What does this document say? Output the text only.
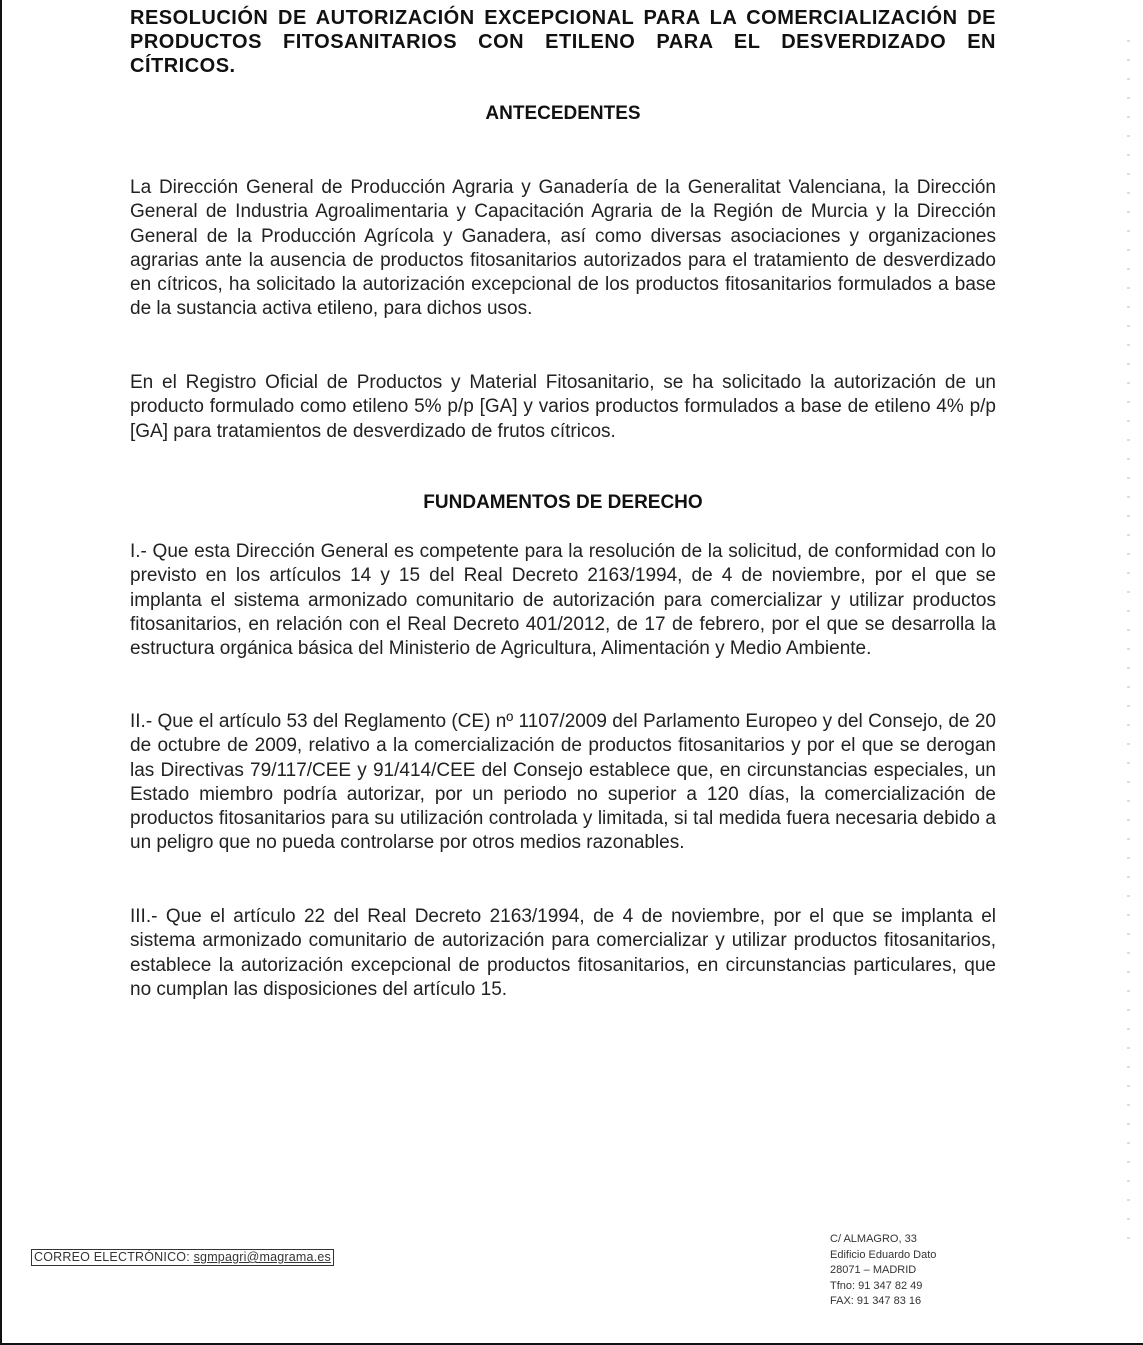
RESOLUCIÓN DE AUTORIZACIÓN EXCEPCIONAL PARA LA COMERCIALIZACIÓN DE PRODUCTOS FITOSANITARIOS CON ETILENO PARA EL DESVERDIZADO EN CÍTRICOS.
ANTECEDENTES

La Dirección General de Producción Agraria y Ganadería de la Generalitat Valenciana, la Dirección General de Industria Agroalimentaria y Capacitación Agraria de la Región de Murcia y la Dirección General de la Producción Agrícola y Ganadera, así como diversas asociaciones y organizaciones agrarias ante la ausencia de productos fitosanitarios autorizados para el tratamiento de desverdizado en cítricos, ha solicitado la autorización excepcional de los productos fitosanitarios formulados a base de la sustancia activa etileno, para dichos usos.

En el Registro Oficial de Productos y Material Fitosanitario, se ha solicitado la autorización de un producto formulado como etileno 5% p/p [GA] y varios productos formulados a base de etileno 4% p/p [GA] para tratamientos de desverdizado de frutos cítricos.

FUNDAMENTOS DE DERECHO

I.- Que esta Dirección General es competente para la resolución de la solicitud, de conformidad con lo previsto en los artículos 14 y 15 del Real Decreto 2163/1994, de 4 de noviembre, por el que se implanta el sistema armonizado comunitario de autorización para comercializar y utilizar productos fitosanitarios, en relación con el Real Decreto 401/2012, de 17 de febrero, por el que se desarrolla la estructura orgánica básica del Ministerio de Agricultura, Alimentación y Medio Ambiente.

II.- Que el artículo 53 del Reglamento (CE) nº 1107/2009 del Parlamento Europeo y del Consejo, de 20 de octubre de 2009, relativo a la comercialización de productos fitosanitarios y por el que se derogan las Directivas 79/117/CEE y 91/414/CEE del Consejo establece que, en circunstancias especiales, un Estado miembro podría autorizar, por un periodo no superior a 120 días, la comercialización de productos fitosanitarios para su utilización controlada y limitada, si tal medida fuera necesaria debido a un peligro que no pueda controlarse por otros medios razonables.

III.- Que el artículo 22 del Real Decreto 2163/1994, de 4 de noviembre, por el que se implanta el sistema armonizado comunitario de autorización para comercializar y utilizar productos fitosanitarios, establece la autorización excepcional de productos fitosanitarios, en circunstancias particulares, que no cumplan las disposiciones del artículo 15.

CORREO ELECTRÓNICO: sgmpagri@magrama.es
C/ ALMAGRO, 33
Edificio Eduardo Dato
28071 – MADRID
Tfno: 91 347 82 49
FAX: 91 347 83 16
